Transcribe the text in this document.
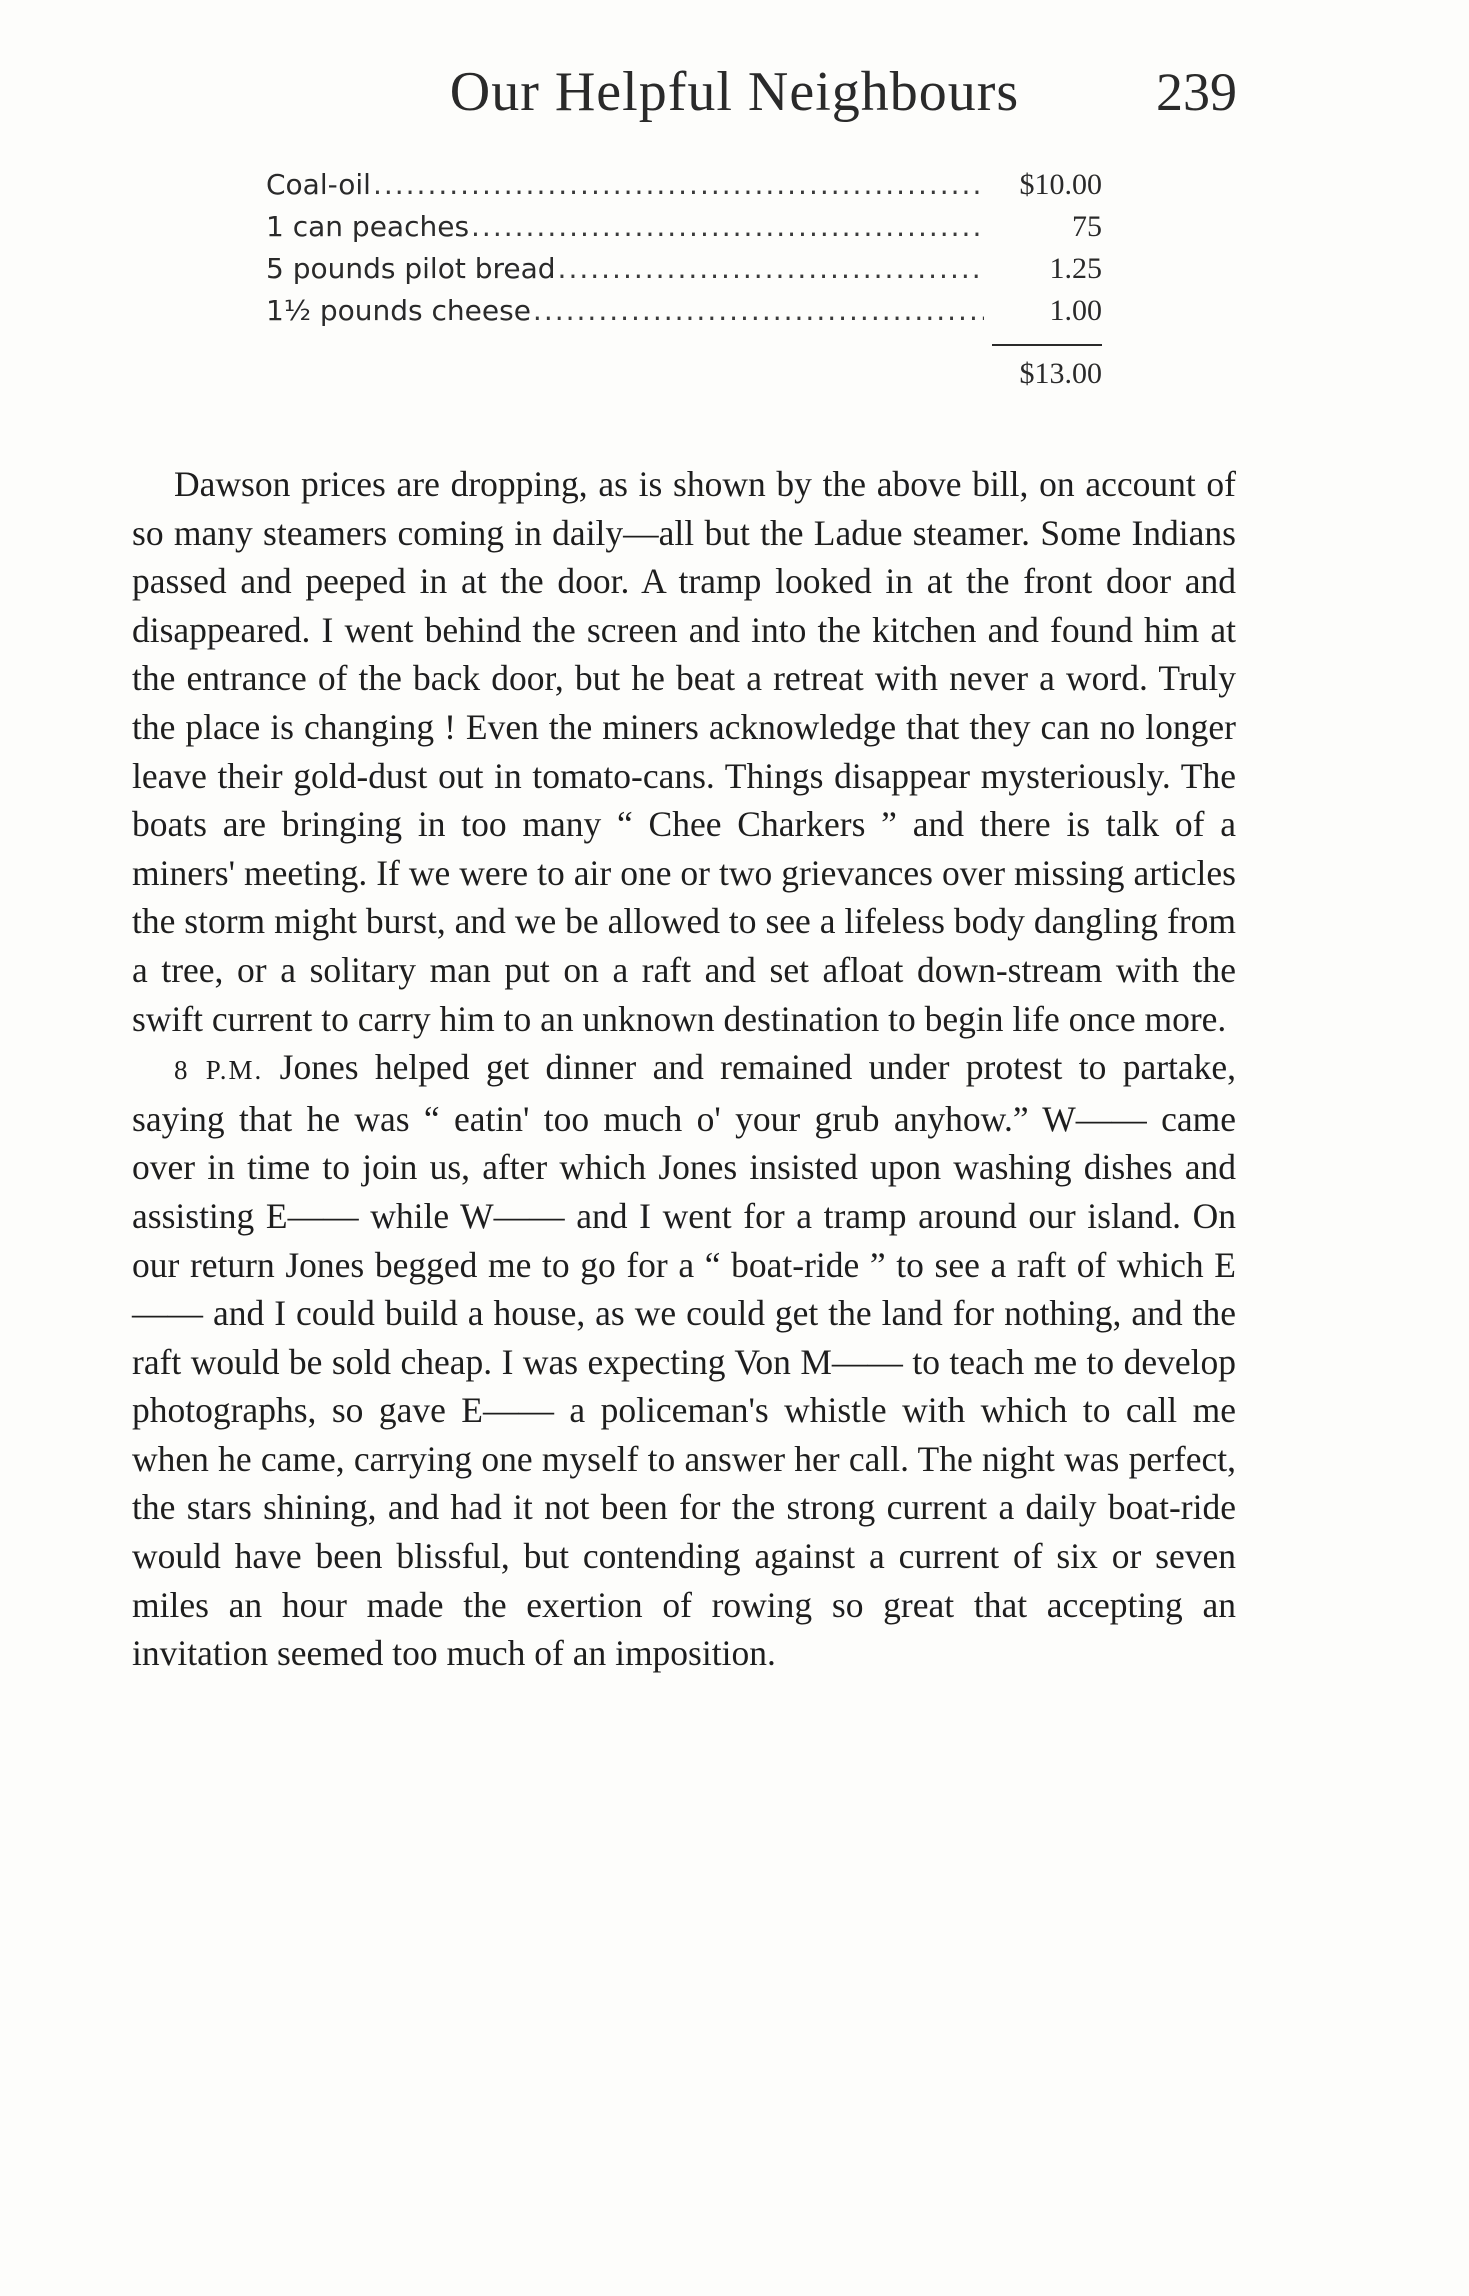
Our Helpful Neighbours	239
Coal-oil .....	$10.00
1 can peaches .....	75
5 pounds pilot bread .....	1.25
1½ pounds cheese .....	1.00
$13.00

Dawson prices are dropping, as is shown by the above bill, on account of so many steamers coming in daily—all but the Ladue steamer. Some Indians passed and peeped in at the door. A tramp looked in at the front door and disappeared. I went behind the screen and into the kitchen and found him at the entrance of the back door, but he beat a retreat with never a word. Truly the place is changing ! Even the miners acknowledge that they can no longer leave their gold-dust out in tomato-cans. Things disappear mysteriously. The boats are bringing in too many “ Chee Charkers ” and there is talk of a miners' meeting. If we were to air one or two grievances over missing articles the storm might burst, and we be allowed to see a lifeless body dangling from a tree, or a solitary man put on a raft and set afloat down-stream with the swift current to carry him to an unknown destination to begin life once more.

8 P.M. Jones helped get dinner and remained under protest to partake, saying that he was “ eatin' too much o' your grub anyhow.” W—— came over in time to join us, after which Jones insisted upon washing dishes and assisting E—— while W—— and I went for a tramp around our island. On our return Jones begged me to go for a “ boat-ride ” to see a raft of which E—— and I could build a house, as we could get the land for nothing, and the raft would be sold cheap. I was expecting Von M—— to teach me to develop photographs, so gave E—— a policeman's whistle with which to call me when he came, carrying one myself to answer her call. The night was perfect, the stars shining, and had it not been for the strong current a daily boat-ride would have been blissful, but contending against a current of six or seven miles an hour made the exertion of rowing so great that accepting an invitation seemed too much of an imposition.
